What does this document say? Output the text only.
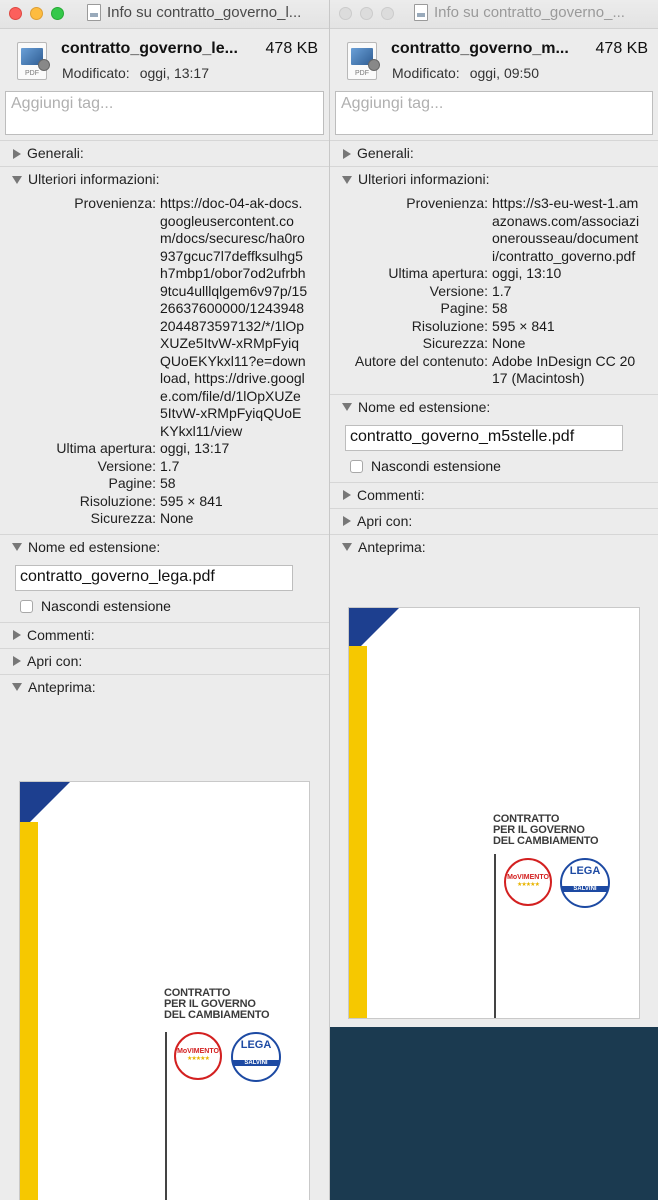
Info su contratto_governo_l...
PDF
contratto_governo_le... 478 KB
Modificato: oggi, 13:17
Aggiungi tag...
Generali:
Ulteriori informazioni:
Provenienza: https://doc-04-ak-docs.googleusercontent.com/docs/securesc/ha0ro937gcuc7l7deffksulhg5h7mbp1/obor7od2ufrbh9tcu4ulllqlgem6v97p/1526637600000/12439482044873597132/*/1lOpXUZe5ItvW-xRMpFyiqQUoEKYkxl11?e=download, https://drive.google.com/file/d/1lOpXUZe5ItvW-xRMpFyiqQUoEKYkxl11/view
Ultima apertura: oggi, 13:17
Versione: 1.7
Pagine: 58
Risoluzione: 595 × 841
Sicurezza: None
Nome ed estensione:
contratto_governo_lega.pdf
Nascondi estensione
Commenti:
Apri con:
Anteprima:
CONTRATTO
PER IL GOVERNO
DEL CAMBIAMENTO
MoVIMENTO
★★★★★
LEGA
SALVINI
Info su contratto_governo_...
PDF
contratto_governo_m... 478 KB
Modificato: oggi, 09:50
Aggiungi tag...
Generali:
Ulteriori informazioni:
Provenienza: https://s3-eu-west-1.amazonaws.com/associazionerousseau/documenti/contratto_governo.pdf
Ultima apertura: oggi, 13:10
Versione: 1.7
Pagine: 58
Risoluzione: 595 × 841
Sicurezza: None
Autore del contenuto: Adobe InDesign CC 2017 (Macintosh)
Nome ed estensione:
contratto_governo_m5stelle.pdf
Nascondi estensione
Commenti:
Apri con:
Anteprima:
CONTRATTO
PER IL GOVERNO
DEL CAMBIAMENTO
MoVIMENTO
★★★★★
LEGA
SALVINI
